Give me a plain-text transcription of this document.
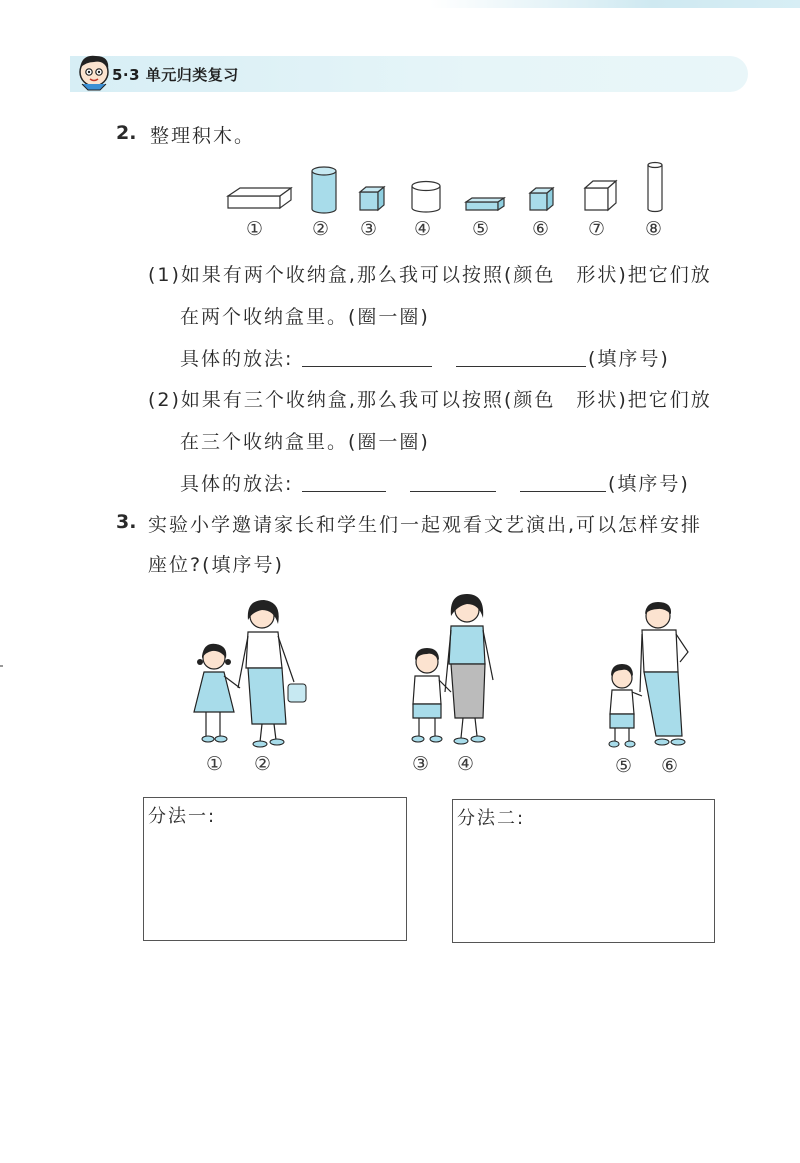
5·3 单元归类复习
2. 整理积木。
①	② ③ ④ ⑤ ⑥ ⑦ ⑧
(1)如果有两个收纳盒,那么我可以按照(颜色　形状)把它们放
在两个收纳盒里。(圈一圈)
具体的放法:	(填序号)
(2)如果有三个收纳盒,那么我可以按照(颜色　形状)把它们放
在三个收纳盒里。(圈一圈)
具体的放法:	(填序号)
3. 实验小学邀请家长和学生们一起观看文艺演出,可以怎样安排
座位?(填序号)
① ②	③ ④	⑤ ⑥
分法一:	分法二:
